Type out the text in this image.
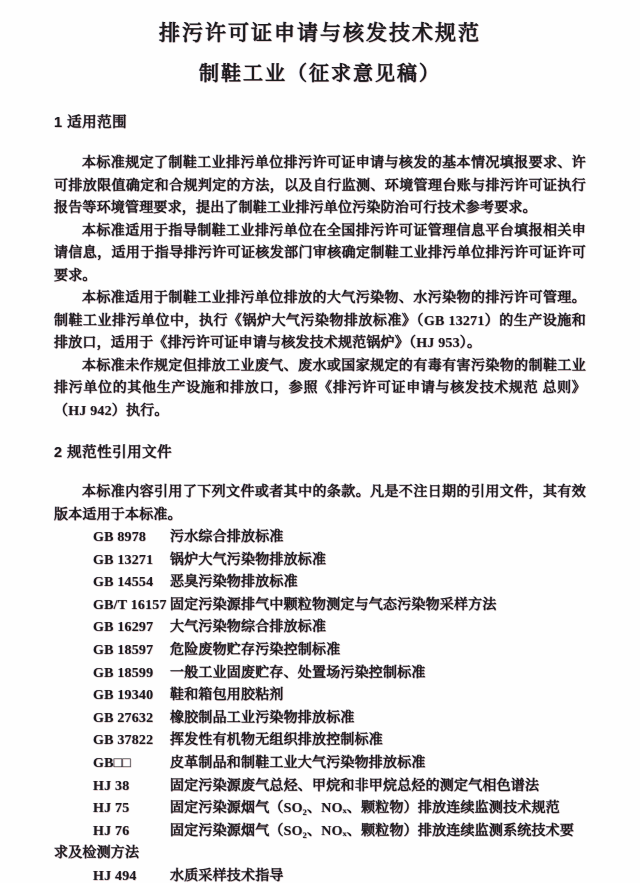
排污许可证申请与核发技术规范
制鞋工业（征求意见稿）
1 适用范围

本标准规定了制鞋工业排污单位排污许可证申请与核发的基本情况填报要求、许可排放限值确定和合规判定的方法，以及自行监测、环境管理台账与排污许可证执行报告等环境管理要求，提出了制鞋工业排污单位污染防治可行技术参考要求。

本标准适用于指导制鞋工业排污单位在全国排污许可证管理信息平台填报相关申请信息，适用于指导排污许可证核发部门审核确定制鞋工业排污单位排污许可证许可要求。

本标准适用于制鞋工业排污单位排放的大气污染物、水污染物的排污许可管理。制鞋工业排污单位中，执行《锅炉大气污染物排放标准》（GB 13271）的生产设施和排放口，适用于《排污许可证申请与核发技术规范锅炉》（HJ 953）。

本标准未作规定但排放工业废气、废水或国家规定的有毒有害污染物的制鞋工业排污单位的其他生产设施和排放口，参照《排污许可证申请与核发技术规范 总则》（HJ 942）执行。

2 规范性引用文件

本标准内容引用了下列文件或者其中的条款。凡是不注日期的引用文件，其有效版本适用于本标准。

GB 8978 污水综合排放标准
GB 13271 锅炉大气污染物排放标准
GB 14554 恶臭污染物排放标准
GB/T 16157 固定污染源排气中颗粒物测定与气态污染物采样方法
GB 16297 大气污染物综合排放标准
GB 18597 危险废物贮存污染控制标准
GB 18599 一般工业固废贮存、处置场污染控制标准
GB 19340 鞋和箱包用胶粘剂
GB 27632 橡胶制品工业污染物排放标准
GB 37822 挥发性有机物无组织排放控制标准
GB□□	皮革制品和制鞋工业大气污染物排放标准
HJ 38	固定污染源废气总烃、甲烷和非甲烷总烃的测定气相色谱法
HJ 75	固定污染源烟气（SO₂、NOₓ、颗粒物）排放连续监测技术规范
HJ 76	固定污染源烟气（SO₂、NOₓ、颗粒物）排放连续监测系统技术要求及检测方法
HJ 494 水质采样技术指导
